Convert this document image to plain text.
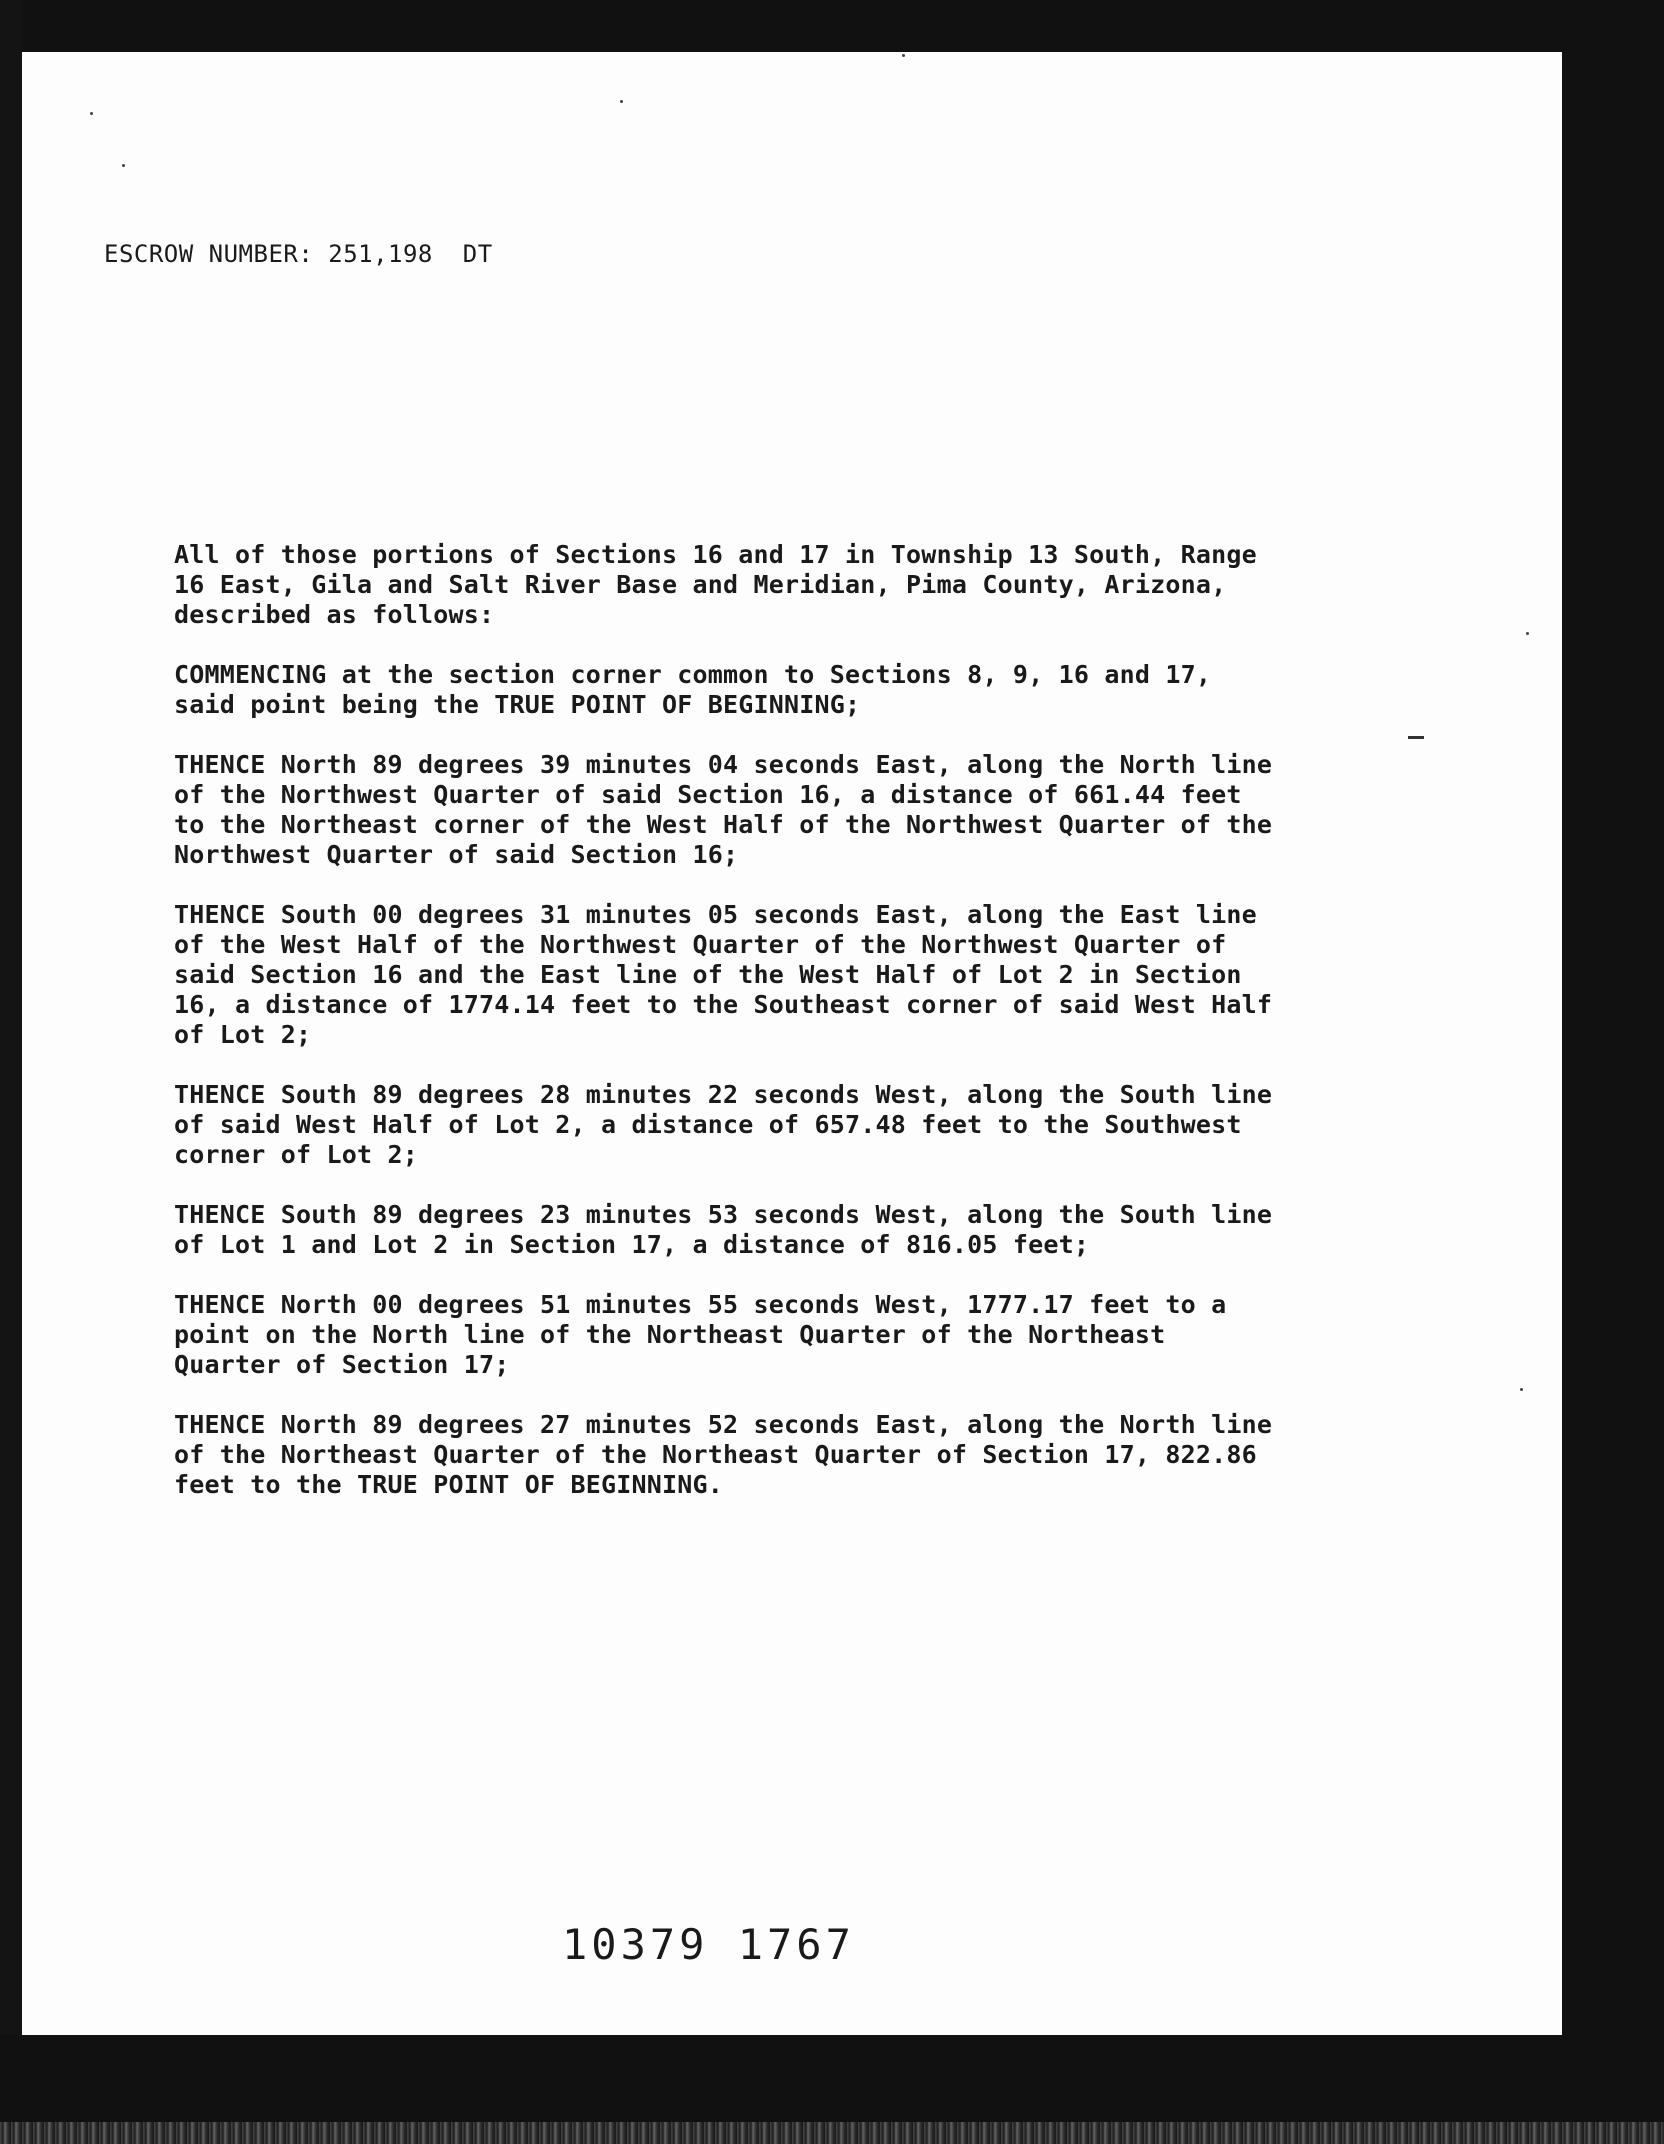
ESCROW NUMBER: 251,198  DT

All of those portions of Sections 16 and 17 in Township 13 South, Range
16 East, Gila and Salt River Base and Meridian, Pima County, Arizona,
described as follows:

COMMENCING at the section corner common to Sections 8, 9, 16 and 17,
said point being the TRUE POINT OF BEGINNING;

THENCE North 89 degrees 39 minutes 04 seconds East, along the North line
of the Northwest Quarter of said Section 16, a distance of 661.44 feet
to the Northeast corner of the West Half of the Northwest Quarter of the
Northwest Quarter of said Section 16;

THENCE South 00 degrees 31 minutes 05 seconds East, along the East line
of the West Half of the Northwest Quarter of the Northwest Quarter of
said Section 16 and the East line of the West Half of Lot 2 in Section
16, a distance of 1774.14 feet to the Southeast corner of said West Half
of Lot 2;

THENCE South 89 degrees 28 minutes 22 seconds West, along the South line
of said West Half of Lot 2, a distance of 657.48 feet to the Southwest
corner of Lot 2;

THENCE South 89 degrees 23 minutes 53 seconds West, along the South line
of Lot 1 and Lot 2 in Section 17, a distance of 816.05 feet;

THENCE North 00 degrees 51 minutes 55 seconds West, 1777.17 feet to a
point on the North line of the Northeast Quarter of the Northeast
Quarter of Section 17;

THENCE North 89 degrees 27 minutes 52 seconds East, along the North line
of the Northeast Quarter of the Northeast Quarter of Section 17, 822.86
feet to the TRUE POINT OF BEGINNING.

10379 1767
